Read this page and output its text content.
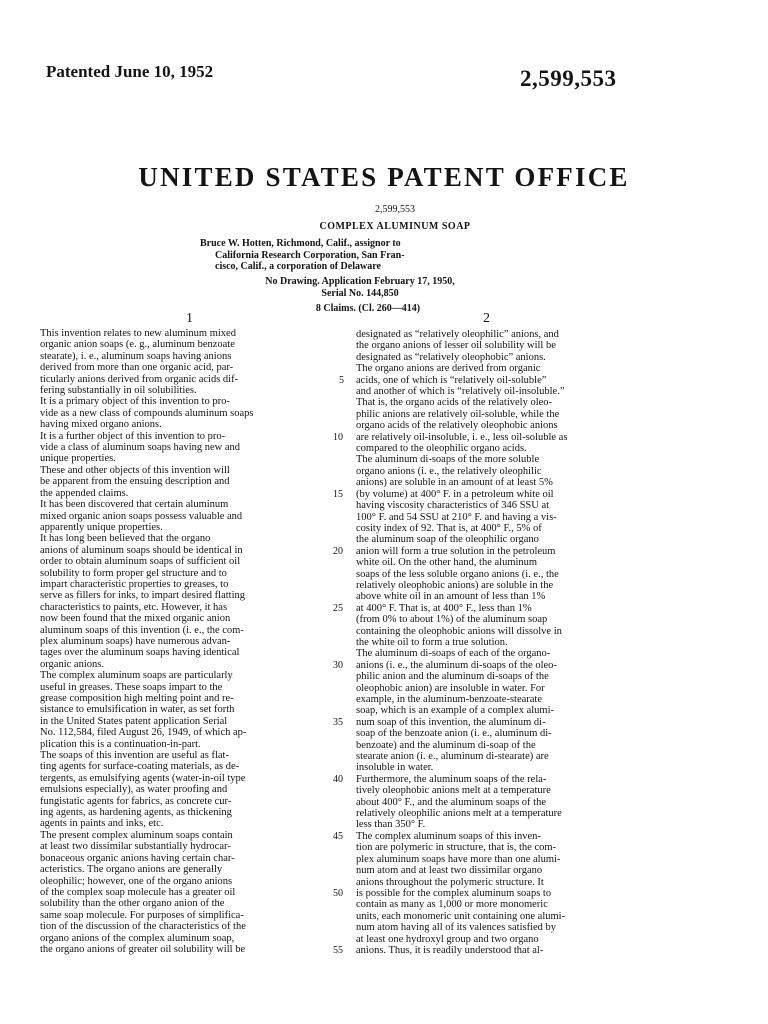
Patented June 10, 1952	2,599,553
UNITED STATES PATENT OFFICE
2,599,553
COMPLEX ALUMINUM SOAP
Bruce W. Hotten, Richmond, Calif., assignor to
California Research Corporation, San Fran-
cisco, Calif., a corporation of Delaware
No Drawing. Application February 17, 1950,
Serial No. 144,850
8 Claims. (Cl. 260—414)
1	2
This invention relates to new aluminum mixed
organic anion soaps (e. g., aluminum benzoate
stearate), i. e., aluminum soaps having anions
derived from more than one organic acid, par-
ticularly anions derived from organic acids dif-
fering substantially in oil solubilities.
It is a primary object of this invention to pro-
vide as a new class of compounds aluminum soaps
having mixed organo anions.
It is a further object of this invention to pro-
vide a class of aluminum soaps having new and
unique properties.
These and other objects of this invention will
be apparent from the ensuing description and
the appended claims.
It has been discovered that certain aluminum
mixed organic anion soaps possess valuable and
apparently unique properties.
It has long been believed that the organo
anions of aluminum soaps should be identical in
order to obtain aluminum soaps of sufficient oil
solubility to form proper gel structure and to
impart characteristic properties to greases, to
serve as fillers for inks, to impart desired flatting
characteristics to paints, etc. However, it has
now been found that the mixed organic anion
aluminum soaps of this invention (i. e., the com-
plex aluminum soaps) have numerous advan-
tages over the aluminum soaps having identical
organic anions.
The complex aluminum soaps are particularly
useful in greases. These soaps impart to the
grease composition high melting point and re-
sistance to emulsification in water, as set forth
in the United States patent application Serial
No. 112,584, filed August 26, 1949, of which ap-
plication this is a continuation-in-part.
The soaps of this invention are useful as flat-
ting agents for surface-coating materials, as de-
tergents, as emulsifying agents (water-in-oil type
emulsions especially), as water proofing and
fungistatic agents for fabrics, as concrete cur-
ing agents, as hardening agents, as thickening
agents in paints and inks, etc.
The present complex aluminum soaps contain
at least two dissimilar substantially hydrocar-
bonaceous organic anions having certain char-
acteristics. The organo anions are generally
oleophilic; however, one of the organo anions
of the complex soap molecule has a greater oil
solubility than the other organo anion of the
same soap molecule. For purposes of simplifica-
tion of the discussion of the characteristics of the
organo anions of the complex aluminum soap,
the organo anions of greater oil solubility will be
designated as “relatively oleophilic” anions, and
the organo anions of lesser oil solubility will be
designated as “relatively oleophobic” anions.
The organo anions are derived from organic
acids, one of which is “relatively oil-soluble”
and another of which is “relatively oil-insoluble.”
That is, the organo acids of the relatively oleo-
philic anions are relatively oil-soluble, while the
organo acids of the relatively oleophobic anions
are relatively oil-insoluble, i. e., less oil-soluble as
compared to the oleophilic organo acids.
The aluminum di-soaps of the more soluble
organo anions (i. e., the relatively oleophilic
anions) are soluble in an amount of at least 5%
(by volume) at 400° F. in a petroleum white oil
having viscosity characteristics of 346 SSU at
100° F. and 54 SSU at 210° F. and having a vis-
cosity index of 92. That is, at 400° F., 5% of
the aluminum soap of the oleophilic organo
anion will form a true solution in the petroleum
white oil. On the other hand, the aluminum
soaps of the less soluble organo anions (i. e., the
relatively oleophobic anions) are soluble in the
above white oil in an amount of less than 1%
at 400° F. That is, at 400° F., less than 1%
(from 0% to about 1%) of the aluminum soap
containing the oleophobic anions will dissolve in
the white oil to form a true solution.
The aluminum di-soaps of each of the organo-
anions (i. e., the aluminum di-soaps of the oleo-
philic anion and the aluminum di-soaps of the
oleophobic anion) are insoluble in water. For
example, in the aluminum-benzoate-stearate
soap, which is an example of a complex alumi-
num soap of this invention, the aluminum di-
soap of the benzoate anion (i. e., aluminum di-
benzoate) and the aluminum di-soap of the
stearate anion (i. e., aluminum di-stearate) are
insoluble in water.
Furthermore, the aluminum soaps of the rela-
tively oleophobic anions melt at a temperature
about 400° F., and the aluminum soaps of the
relatively oleophilic anions melt at a temperature
less than 350° F.
The complex aluminum soaps of this inven-
tion are polymeric in structure, that is, the com-
plex aluminum soaps have more than one alumi-
num atom and at least two dissimilar organo
anions throughout the polymeric structure. It
is possible for the complex aluminum soaps to
contain as many as 1,000 or more monomeric
units, each monomeric unit containing one alumi-
num atom having all of its valences satisfied by
at least one hydroxyl group and two organo
anions. Thus, it is readily understood that al-
5
10
15
20
25
30
35
40
45
50
55
